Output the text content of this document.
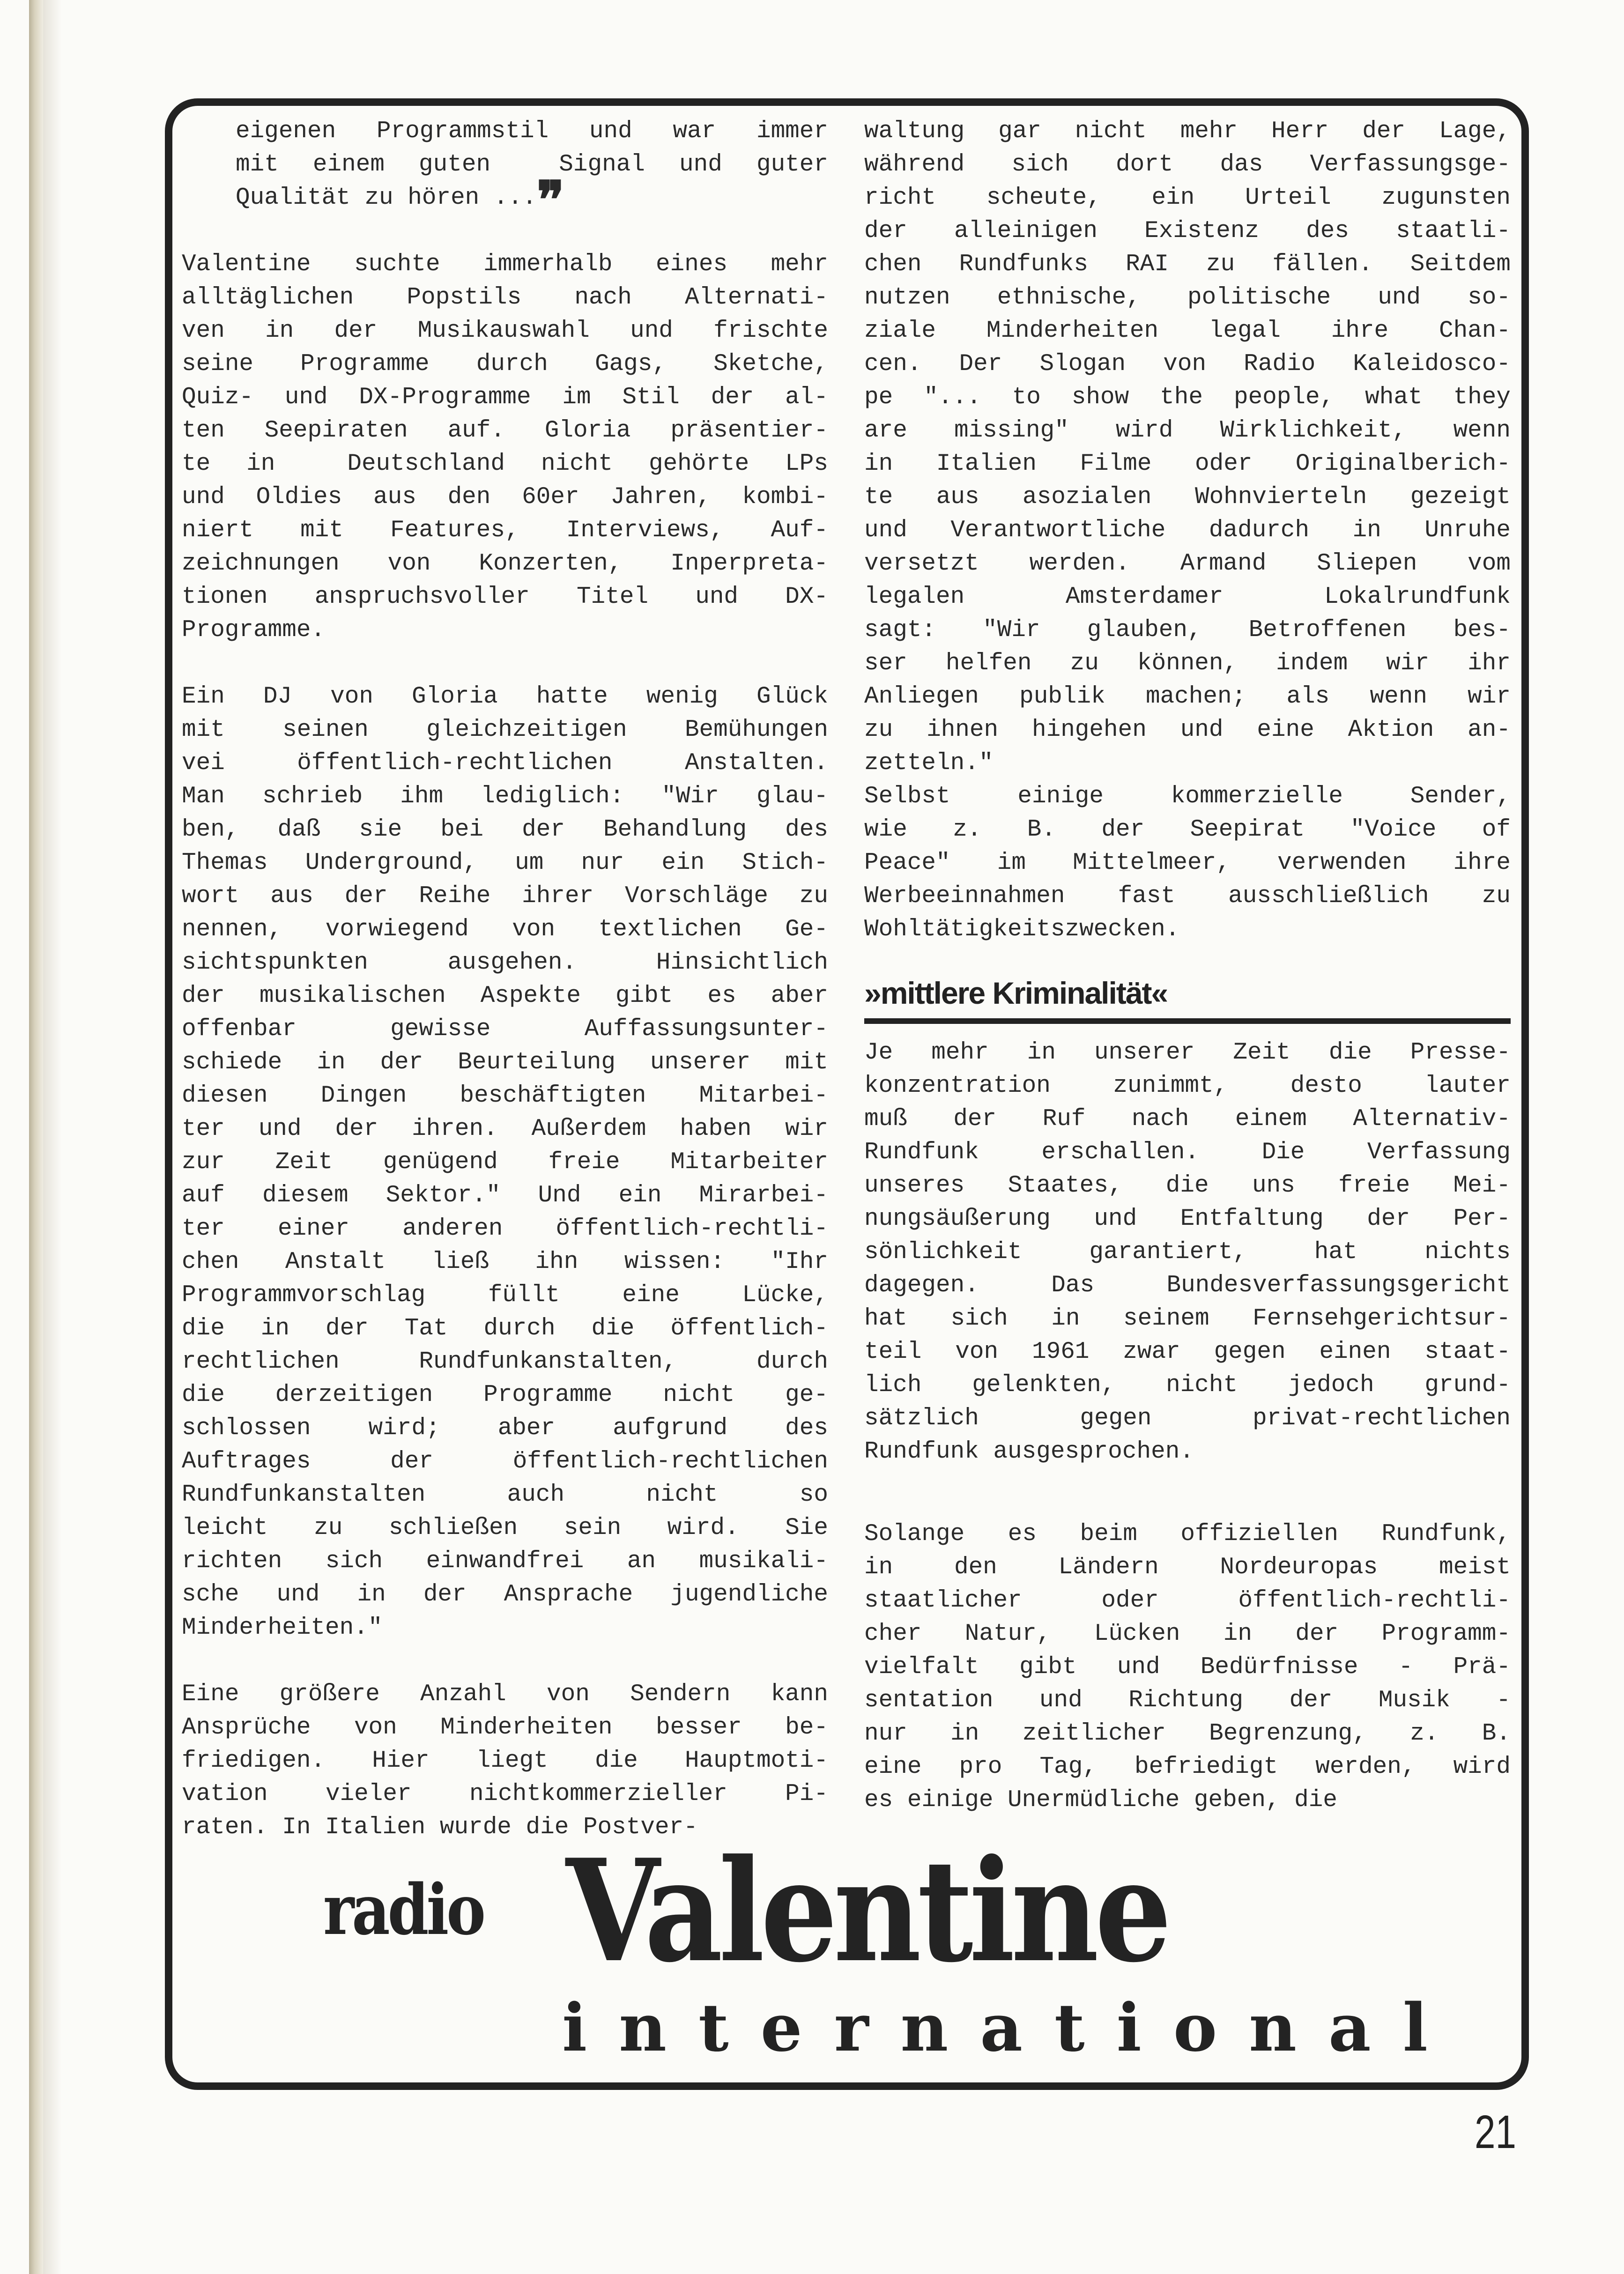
eigenen Programmstil und war immer
mit einem guten  Signal und guter
Qualität zu hören ...❞
Valentine suchte immerhalb eines mehr
alltäglichen Popstils nach Alternati-
ven in der Musikauswahl und frischte
seine Programme durch Gags, Sketche,
Quiz- und DX-Programme im Stil der al-
ten Seepiraten auf. Gloria präsentier-
te in  Deutschland nicht gehörte LPs
und Oldies aus den 60er Jahren, kombi-
niert mit Features, Interviews, Auf-
zeichnungen von Konzerten, Inperpreta-
tionen anspruchsvoller Titel und DX-
Programme.
Ein DJ von Gloria hatte wenig Glück
mit seinen gleichzeitigen Bemühungen
vei öffentlich-rechtlichen Anstalten.
Man schrieb ihm lediglich: "Wir glau-
ben, daß sie bei der Behandlung des
Themas Underground, um nur ein Stich-
wort aus der Reihe ihrer Vorschläge zu
nennen, vorwiegend von textlichen Ge-
sichtspunkten ausgehen. Hinsichtlich
der musikalischen Aspekte gibt es aber
offenbar gewisse Auffassungsunter-
schiede in der Beurteilung unserer mit
diesen Dingen beschäftigten Mitarbei-
ter und der ihren. Außerdem haben wir
zur Zeit genügend freie Mitarbeiter
auf diesem Sektor." Und ein Mirarbei-
ter einer anderen öffentlich-rechtli-
chen Anstalt ließ ihn wissen: "Ihr
Programmvorschlag füllt eine Lücke,
die in der Tat durch die öffentlich-
rechtlichen Rundfunkanstalten, durch
die derzeitigen Programme nicht ge-
schlossen wird; aber aufgrund des
Auftrages der öffentlich-rechtlichen
Rundfunkanstalten auch nicht so
leicht zu schließen sein wird. Sie
richten sich einwandfrei an musikali-
sche und in der Ansprache jugendliche
Minderheiten."
Eine größere Anzahl von Sendern kann
Ansprüche von Minderheiten besser be-
friedigen. Hier liegt die Hauptmoti-
vation vieler nichtkommerzieller Pi-
raten. In Italien wurde die Postver-
waltung gar nicht mehr Herr der Lage,
während sich dort das Verfassungsge-
richt scheute, ein Urteil zugunsten
der alleinigen Existenz des staatli-
chen Rundfunks RAI zu fällen. Seitdem
nutzen ethnische, politische und so-
ziale Minderheiten legal ihre Chan-
cen. Der Slogan von Radio Kaleidosco-
pe "... to show the people, what they
are missing" wird Wirklichkeit, wenn
in Italien Filme oder Originalberich-
te aus asozialen Wohnvierteln gezeigt
und Verantwortliche dadurch in Unruhe
versetzt werden. Armand Sliepen vom
legalen Amsterdamer Lokalrundfunk
sagt: "Wir glauben, Betroffenen bes-
ser helfen zu können, indem wir ihr
Anliegen publik machen; als wenn wir
zu ihnen hingehen und eine Aktion an-
zetteln."
Selbst einige kommerzielle Sender,
wie z. B. der Seepirat "Voice of
Peace" im Mittelmeer, verwenden ihre
Werbeeinnahmen fast ausschließlich zu
Wohltätigkeitszwecken.
»mittlere Kriminalität«
Je mehr in unserer Zeit die Presse-
konzentration zunimmt, desto lauter
muß der Ruf nach einem Alternativ-
Rundfunk erschallen. Die Verfassung
unseres Staates, die uns freie Mei-
nungsäußerung und Entfaltung der Per-
sönlichkeit garantiert, hat nichts
dagegen. Das Bundesverfassungsgericht
hat sich in seinem Fernsehgerichtsur-
teil von 1961 zwar gegen einen staat-
lich gelenkten, nicht jedoch grund-
sätzlich gegen privat-rechtlichen
Rundfunk ausgesprochen.
Solange es beim offiziellen Rundfunk,
in den Ländern Nordeuropas meist
staatlicher oder öffentlich-rechtli-
cher Natur, Lücken in der Programm-
vielfalt gibt und Bedürfnisse - Prä-
sentation und Richtung der Musik -
nur in zeitlicher Begrenzung, z. B.
eine pro Tag, befriedigt werden, wird
es einige Unermüdliche geben, die
radio Valentine
international
21
